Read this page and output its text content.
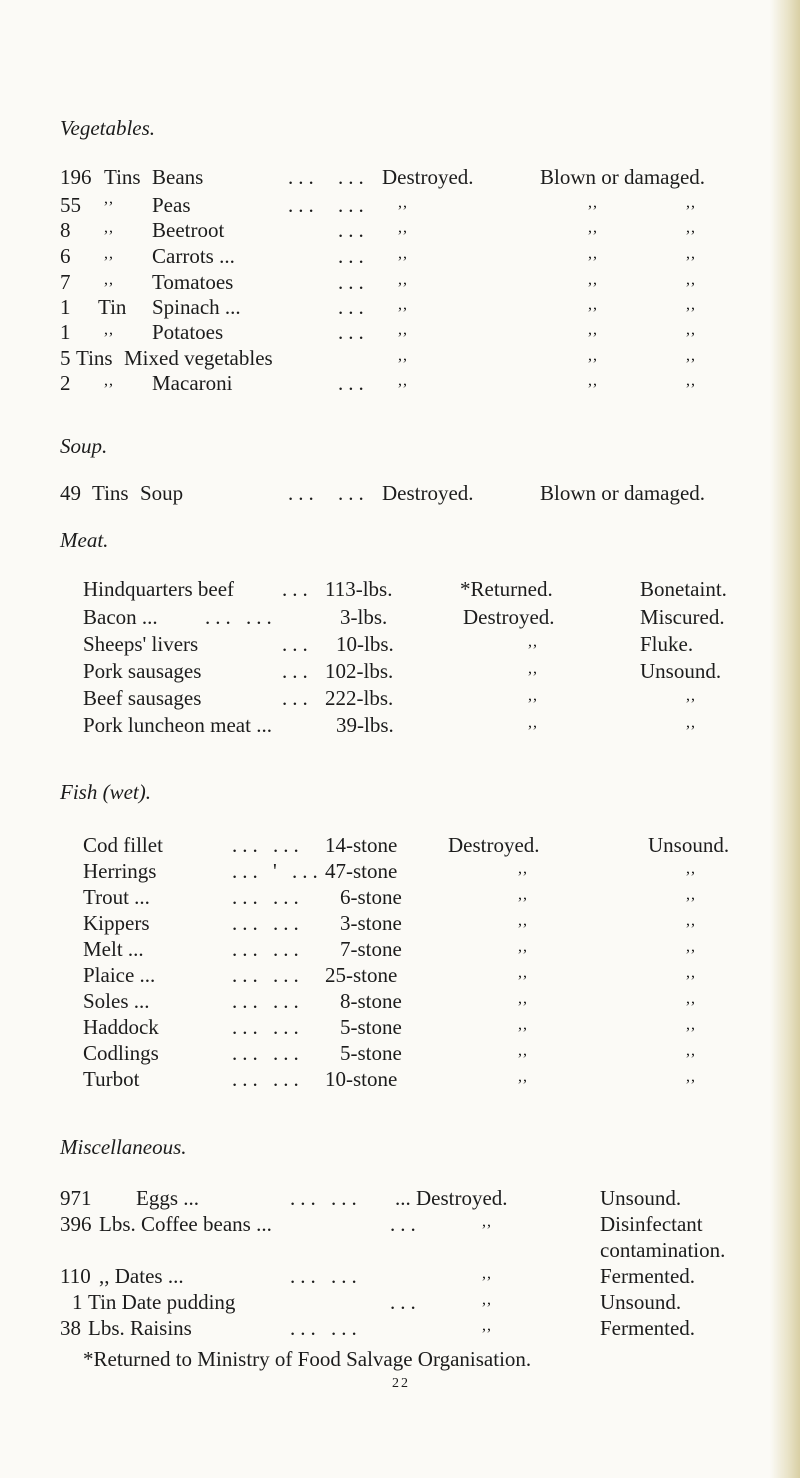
Vegetables.
196 Tins Beans	... ... Destroyed.	Blown or damaged.
55 ,, Peas	... ... ,,	,,	,,
8 ,, Beetroot	... ,,	,,	,,
6 ,, Carrots ...	... ,,	,,	,,
7 ,, Tomatoes	... ,,	,,	,,
1 Tin Spinach ...	... ,,	,,	,,
1 ,, Potatoes	... ,,	,,	,,
5 Tins Mixed vegetables	,,	,,	,,
2 ,, Macaroni	... ,,	,,	,,
Soup.
49 Tins Soup	... ... Destroyed.	Blown or damaged.
Meat.
Hindquarters beef ... 113-lbs.	*Returned.	Bonetaint.
Bacon ... ... ...	3-lbs.	Destroyed.	Miscured.
Sheeps' livers	... 10-lbs.	,,	Fluke.
Pork sausages	... 102-lbs.	,,	Unsound.
Beef sausages	... 222-lbs.	,,	,,
Pork luncheon meat ...	39-lbs.	,,	,,
Fish (wet).
Cod fillet	... ... 14-stone Destroyed.	Unsound.
Herrings	... ' ... 47-stone	,,	,,
Trout ...	... ... 6-stone	,,	,,
Kippers	... ... 3-stone	,,	,,
Melt ...	... ... 7-stone	,,	,,
Plaice ...	... ... 25-stone	,,	,,
Soles ...	... ... 8-stone	,,	,,
Haddock	... ... 5-stone	,,	,,
Codlings	... ... 5-stone	,,	,,
Turbot	... ... 10-stone	,,	,,
Miscellaneous.
971 Eggs ...	... ... ... Destroyed.	Unsound.
396 Lbs. Coffee beans ...	...	,,	Disinfectant
contamination.
110 ,, Dates ...	... ...	,,	Fermented.
1 Tin Date pudding	...	,,	Unsound.
38 Lbs. Raisins	... ...	,,	Fermented.
*Returned to Ministry of Food Salvage Organisation.
22
